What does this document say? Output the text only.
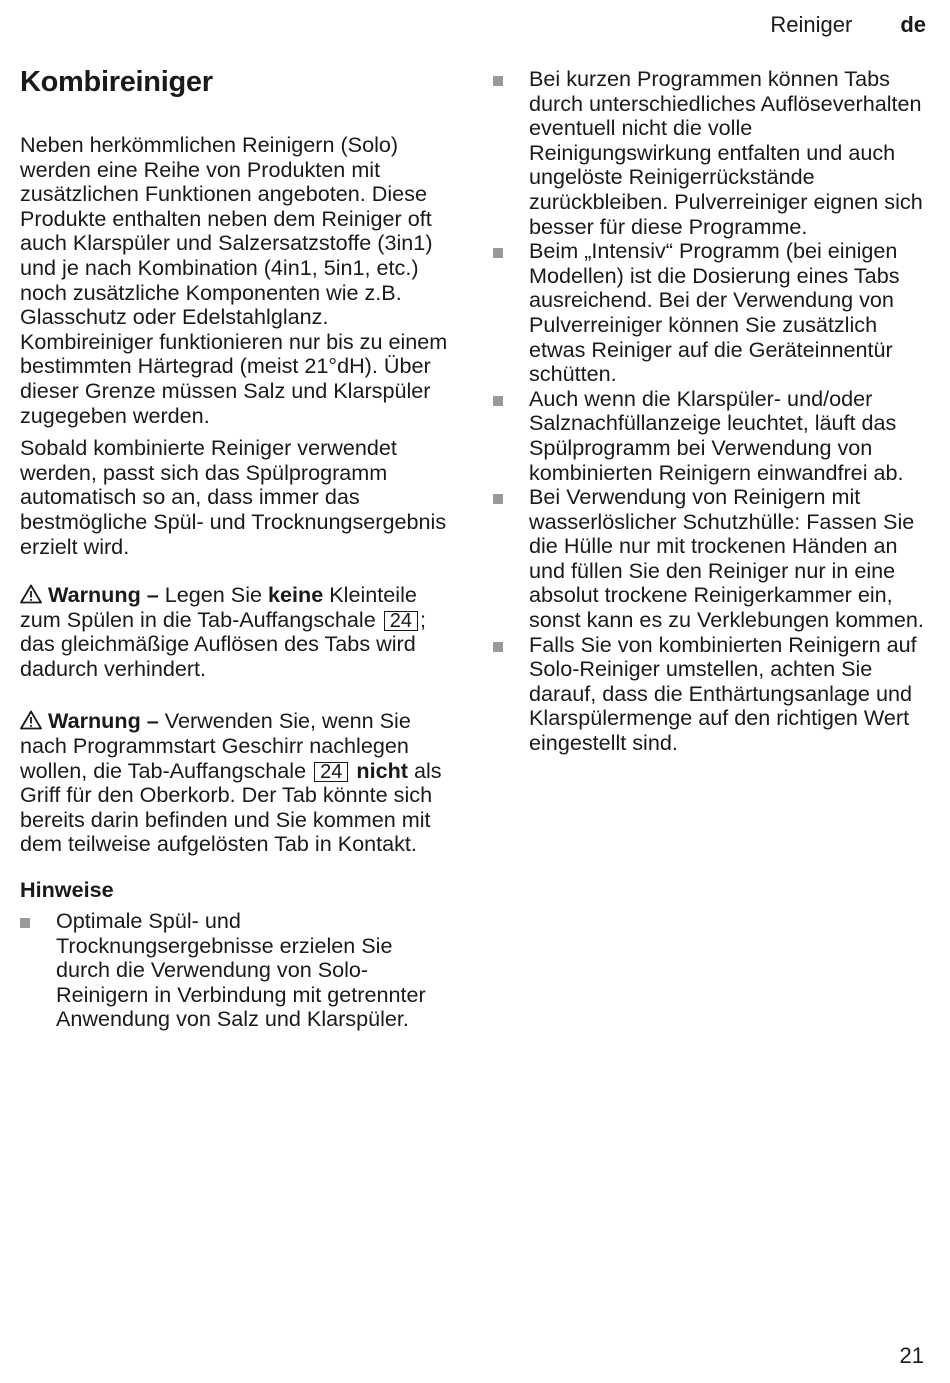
Reiniger de
Kombireiniger

Neben herkömmlichen Reinigern (Solo) werden eine Reihe von Produkten mit zusätzlichen Funktionen angeboten. Diese Produkte enthalten neben dem Reiniger oft auch Klarspüler und Salzersatzstoffe (3in1) und je nach Kombination (4in1, 5in1, etc.) noch zusätzliche Komponenten wie z.B. Glasschutz oder Edelstahlglanz. Kombireiniger funktionieren nur bis zu einem bestimmten Härtegrad (meist 21°dH). Über dieser Grenze müssen Salz und Klarspüler zugegeben werden.

Sobald kombinierte Reiniger verwendet werden, passt sich das Spülprogramm automatisch so an, dass immer das bestmögliche Spül- und Trocknungsergebnis erzielt wird.

Warnung – Legen Sie keine Kleinteile zum Spülen in die Tab-Auffangschale 24 ; das gleichmäßige Auflösen des Tabs wird dadurch verhindert.

Warnung – Verwenden Sie, wenn Sie nach Programmstart Geschirr nachlegen wollen, die Tab-Auffangschale 24 nicht als Griff für den Oberkorb. Der Tab könnte sich bereits darin befinden und Sie kommen mit dem teilweise aufgelösten Tab in Kontakt.

Hinweise
Optimale Spül- und Trocknungsergebnisse erzielen Sie durch die Verwendung von Solo-Reinigern in Verbindung mit getrennter Anwendung von Salz und Klarspüler.
Bei kurzen Programmen können Tabs durch unterschiedliches Auflöseverhalten eventuell nicht die volle Reinigungswirkung entfalten und auch ungelöste Reinigerrückstände zurückbleiben. Pulverreiniger eignen sich besser für diese Programme.
Beim „Intensiv“ Programm (bei einigen Modellen) ist die Dosierung eines Tabs ausreichend. Bei der Verwendung von Pulverreiniger können Sie zusätzlich etwas Reiniger auf die Geräteinnentür schütten.
Auch wenn die Klarspüler- und/oder Salznachfüllanzeige leuchtet, läuft das Spülprogramm bei Verwendung von kombinierten Reinigern einwandfrei ab.
Bei Verwendung von Reinigern mit wasserlöslicher Schutzhülle: Fassen Sie die Hülle nur mit trockenen Händen an und füllen Sie den Reiniger nur in eine absolut trockene Reinigerkammer ein, sonst kann es zu Verklebungen kommen.
Falls Sie von kombinierten Reinigern auf Solo-Reiniger umstellen, achten Sie darauf, dass die Enthärtungsanlage und Klarspülermenge auf den richtigen Wert eingestellt sind.
21
